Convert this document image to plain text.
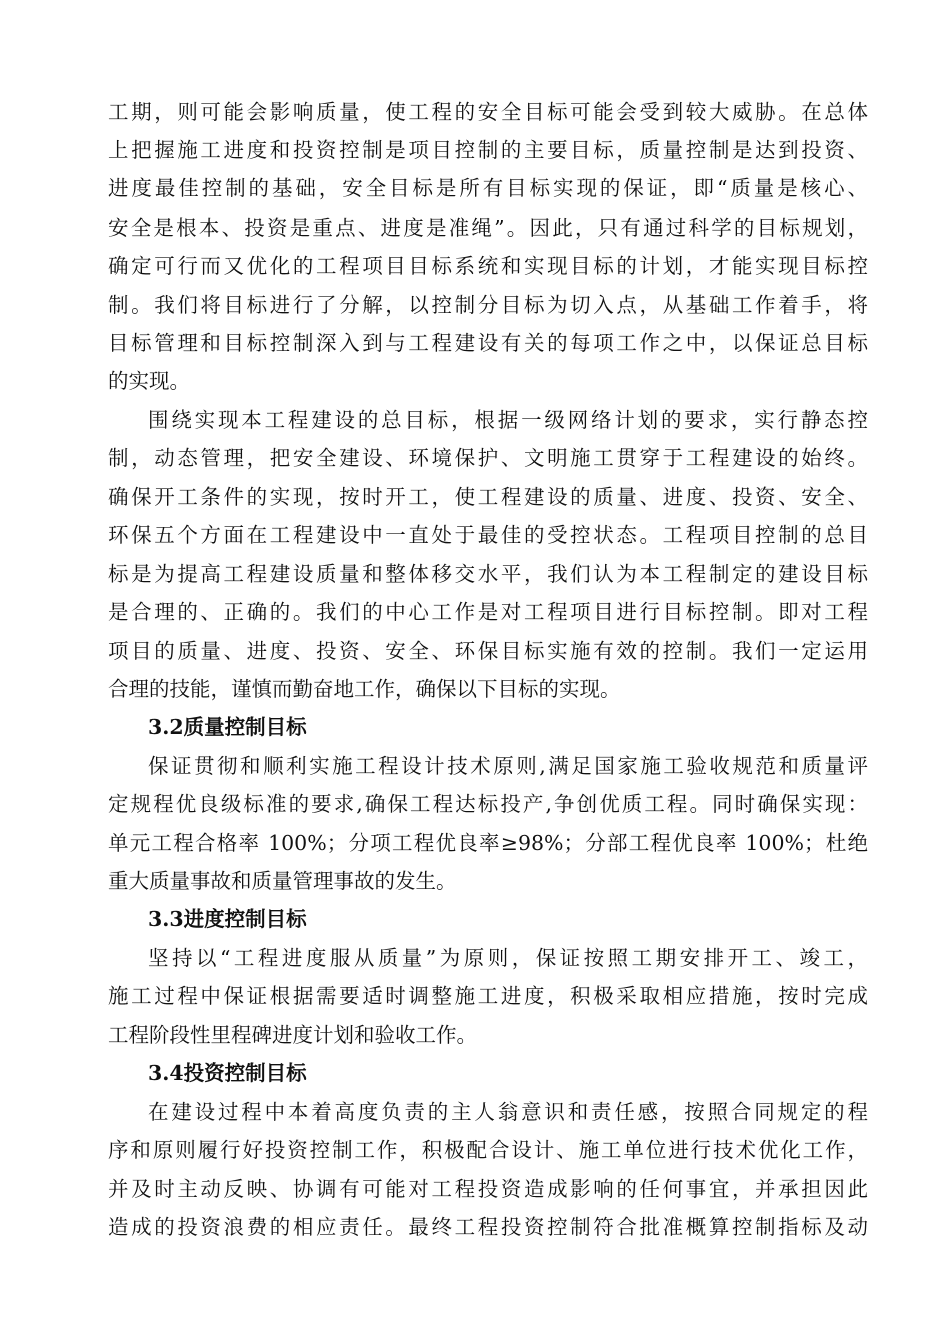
工期，则可能会影响质量，使工程的安全目标可能会受到较大威胁。在总体
上把握施工进度和投资控制是项目控制的主要目标，质量控制是达到投资、
进度最佳控制的基础，安全目标是所有目标实现的保证，即“质量是核心、
安全是根本、投资是重点、进度是准绳”。因此，只有通过科学的目标规划，
确定可行而又优化的工程项目目标系统和实现目标的计划，才能实现目标控
制。我们将目标进行了分解，以控制分目标为切入点，从基础工作着手，将
目标管理和目标控制深入到与工程建设有关的每项工作之中，以保证总目标
的实现。
围绕实现本工程建设的总目标，根据一级网络计划的要求，实行静态控
制，动态管理，把安全建设、环境保护、文明施工贯穿于工程建设的始终。
确保开工条件的实现，按时开工，使工程建设的质量、进度、投资、安全、
环保五个方面在工程建设中一直处于最佳的受控状态。工程项目控制的总目
标是为提高工程建设质量和整体移交水平，我们认为本工程制定的建设目标
是合理的、正确的。我们的中心工作是对工程项目进行目标控制。即对工程
项目的质量、进度、投资、安全、环保目标实施有效的控制。我们一定运用
合理的技能，谨慎而勤奋地工作，确保以下目标的实现。
3.2质量控制目标
保证贯彻和顺利实施工程设计技术原则,满足国家施工验收规范和质量评
定规程优良级标准的要求,确保工程达标投产,争创优质工程。同时确保实现：
单元工程合格率 100%；分项工程优良率≥98%；分部工程优良率 100%；杜绝
重大质量事故和质量管理事故的发生。
3.3进度控制目标
坚持以“工程进度服从质量”为原则，保证按照工期安排开工、竣工，
施工过程中保证根据需要适时调整施工进度，积极采取相应措施，按时完成
工程阶段性里程碑进度计划和验收工作。
3.4投资控制目标
在建设过程中本着高度负责的主人翁意识和责任感，按照合同规定的程
序和原则履行好投资控制工作，积极配合设计、施工单位进行技术优化工作，
并及时主动反映、协调有可能对工程投资造成影响的任何事宜，并承担因此
造成的投资浪费的相应责任。最终工程投资控制符合批准概算控制指标及动
